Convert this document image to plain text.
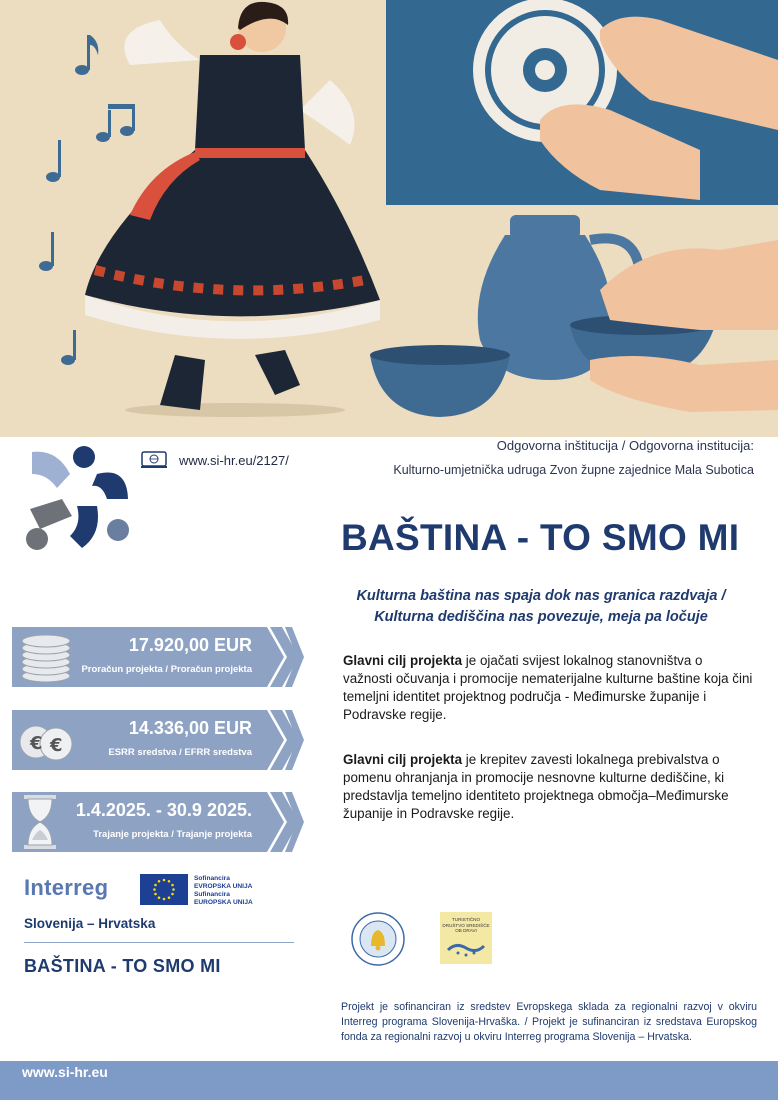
www.si-hr.eu/2127/
Odgovorna inštitucija / Odgovorna institucija:
Kulturno-umjetnička udruga Zvon župne zajednice Mala Subotica
BAŠTINA - TO SMO MI
Kulturna baština nas spaja dok nas granica razdvaja /
Kulturna dediščina nas povezuje, meja pa ločuje
Glavni cilj projekta je ojačati svijest lokalnog stanovništva o važnosti očuvanja i promocije nematerijalne kulturne baštine koja čini temeljni identitet projektnog područja - Međimurske županije i Podravske regije.
Glavni cilj projekta je krepitev zavesti lokalnega prebivalstva o pomenu ohranjanja in promocije nesnovne kulturne dediščine, ki predstavlja temeljno identiteto projektnega območja–Međimurske županije in Podravske regije.
17.920,00 EUR
Proračun projekta / Proračun projekta
€ €
14.336,00 EUR
ESRR sredstva / EFRR sredstva
1.4.2025. - 30.9 2025.
Trajanje projekta / Trajanje projekta
Interreg	Sofinancira
EVROPSKA UNIJA
Sufinancira
EUROPSKA UNIJA
Slovenija – Hrvatska
BAŠTINA - TO SMO MI
TURISTIČNO DRUŠTVO SREDIŠČE OB DRAVI
Projekt je sofinanciran iz sredstev Evropskega sklada za regionalni razvoj v okviru Interreg programa Slovenija-Hrvaška. / Projekt je sufinanciran iz sredstava Europskog fonda za regionalni razvoj u okviru Interreg programa Slovenija – Hrvatska.
www.si-hr.eu
